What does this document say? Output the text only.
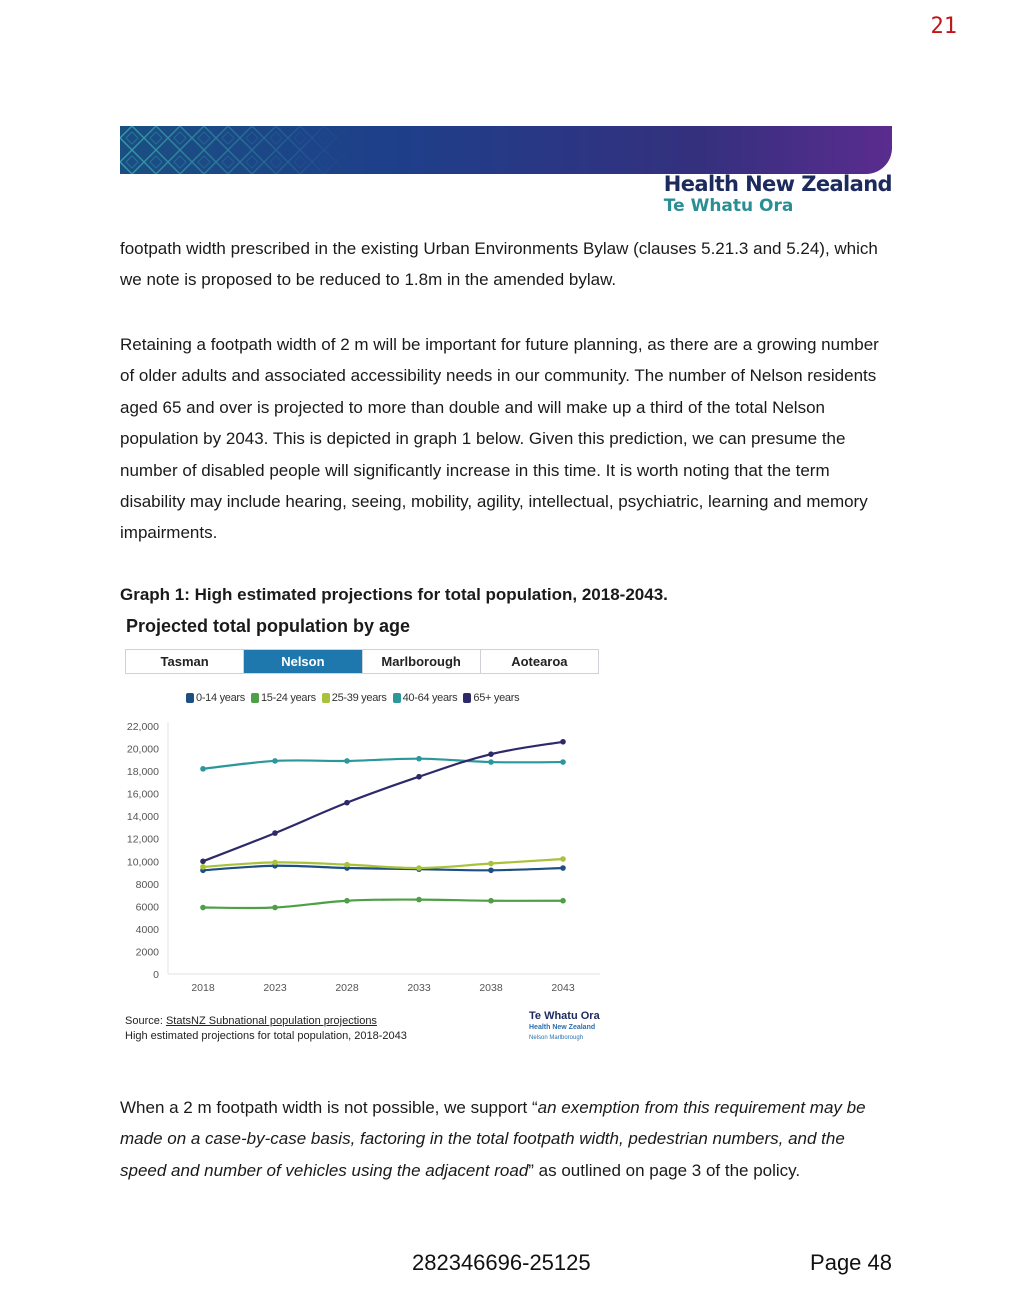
21
Health New Zealand
Te Whatu Ora

footpath width prescribed in the existing Urban Environments Bylaw (clauses 5.21.3 and 5.24), which we note is proposed to be reduced to 1.8m in the amended bylaw.

Retaining a footpath width of 2 m will be important for future planning, as there are a growing number of older adults and associated accessibility needs in our community. The number of Nelson residents aged 65 and over is projected to more than double and will make up a third of the total Nelson population by 2043. This is depicted in graph 1 below. Given this prediction, we can presume the number of disabled people will significantly increase in this time. It is worth noting that the term disability may include hearing, seeing, mobility, agility, intellectual, psychiatric, learning and memory impairments.

Graph 1: High estimated projections for total population, 2018-2043.

Projected total population by age
Tasman	Nelson	Marlborough	Aotearoa
0-14 years 15-24 years 25-39 years 40-64 years 65+ years
0
2000
4000
6000
8000
10,000
12,000
14,000
16,000
18,000
20,000
22,000
2018	2023	2028	2033	2038	2043
Source: StatsNZ Subnational population projections
High estimated projections for total population, 2018-2043
Te Whatu Ora
Health New Zealand
Nelson Marlborough

When a 2 m footpath width is not possible, we support “an exemption from this requirement may be made on a case-by-case basis, factoring in the total footpath width, pedestrian numbers, and the speed and number of vehicles using the adjacent road” as outlined on page 3 of the policy.

282346696-25125	Page 48
